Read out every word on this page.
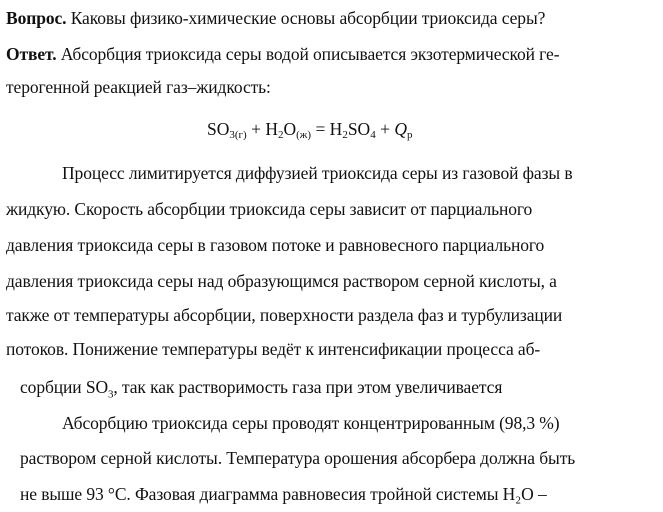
Вопрос. Каковы физико-химические основы абсорбции триоксида серы?
Ответ. Абсорбция триоксида серы водой описывается экзотермической ге-
терогенной реакцией газ–жидкость:
$SO_{3(г)} + H_2O_{(ж)} = H_2SO_4 + Q_р$
Процесс лимитируется диффузией триоксида серы из газовой фазы в
жидкую. Скорость абсорбции триоксида серы зависит от парциального
давления триоксида серы в газовом потоке и равновесного парциального
давления триоксида серы над образующимся раствором серной кислоты, а
также от температуры абсорбции, поверхности раздела фаз и турбулизации
потоков. Понижение температуры ведёт к интенсификации процесса аб-
сорбции $SO_3$, так как растворимость газа при этом увеличивается
Абсорбцию триоксида серы проводят концентрированным (98,3 %)
раствором серной кислоты. Температура орошения абсорбера должна быть
не выше 93 °С. Фазовая диаграмма равновесия тройной системы H₂O –
